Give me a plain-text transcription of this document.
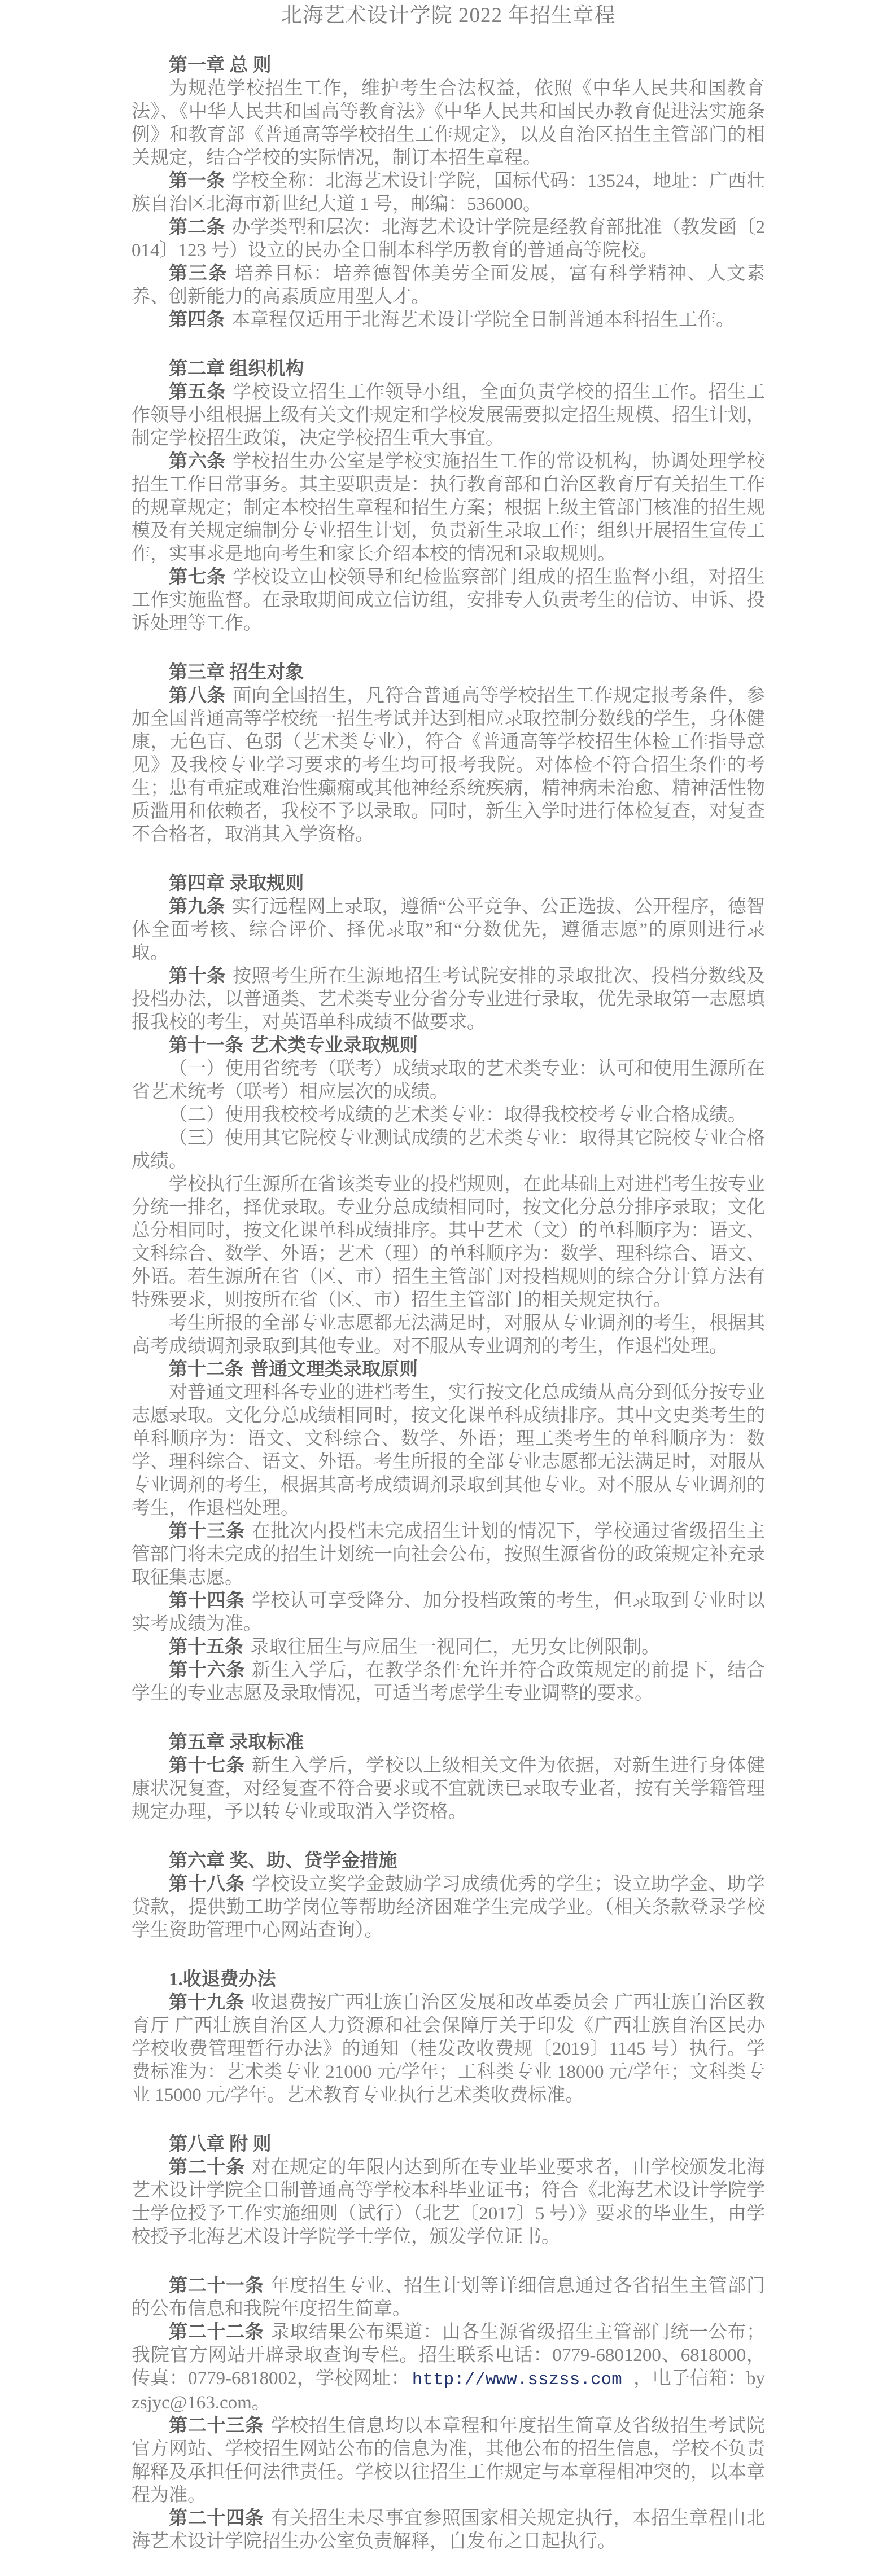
北海艺术设计学院 2022 年招生章程

第一章 总 则

为规范学校招生工作，维护考生合法权益，依照《中华人民共和国教育法》、《中华人民共和国高等教育法》《中华人民共和国民办教育促进法实施条例》和教育部《普通高等学校招生工作规定》，以及自治区招生主管部门的相关规定，结合学校的实际情况，制订本招生章程。

第一条 学校全称：北海艺术设计学院，国标代码：13524，地址：广西壮族自治区北海市新世纪大道 1 号，邮编：536000。

第二条 办学类型和层次：北海艺术设计学院是经教育部批准（教发函〔2014〕123 号）设立的民办全日制本科学历教育的普通高等院校。

第三条 培养目标：培养德智体美劳全面发展，富有科学精神、人文素养、创新能力的高素质应用型人才。

第四条 本章程仅适用于北海艺术设计学院全日制普通本科招生工作。

第二章 组织机构

第五条 学校设立招生工作领导小组，全面负责学校的招生工作。招生工作领导小组根据上级有关文件规定和学校发展需要拟定招生规模、招生计划，制定学校招生政策，决定学校招生重大事宜。

第六条 学校招生办公室是学校实施招生工作的常设机构，协调处理学校招生工作日常事务。其主要职责是：执行教育部和自治区教育厅有关招生工作的规章规定；制定本校招生章程和招生方案；根据上级主管部门核准的招生规模及有关规定编制分专业招生计划，负责新生录取工作；组织开展招生宣传工作，实事求是地向考生和家长介绍本校的情况和录取规则。

第七条 学校设立由校领导和纪检监察部门组成的招生监督小组，对招生工作实施监督。在录取期间成立信访组，安排专人负责考生的信访、申诉、投诉处理等工作。

第三章 招生对象

第八条 面向全国招生，凡符合普通高等学校招生工作规定报考条件，参加全国普通高等学校统一招生考试并达到相应录取控制分数线的学生，身体健康，无色盲、色弱（艺术类专业），符合《普通高等学校招生体检工作指导意见》及我校专业学习要求的考生均可报考我院。对体检不符合招生条件的考生；患有重症或难治性癫痫或其他神经系统疾病，精神病未治愈、精神活性物质滥用和依赖者，我校不予以录取。同时，新生入学时进行体检复查，对复查不合格者，取消其入学资格。

第四章 录取规则

第九条 实行远程网上录取，遵循“公平竞争、公正选拔、公开程序，德智体全面考核、综合评价、择优录取”和“分数优先，遵循志愿”的原则进行录取。

第十条 按照考生所在生源地招生考试院安排的录取批次、投档分数线及投档办法，以普通类、艺术类专业分省分专业进行录取，优先录取第一志愿填报我校的考生，对英语单科成绩不做要求。

第十一条 艺术类专业录取规则

（一）使用省统考（联考）成绩录取的艺术类专业：认可和使用生源所在省艺术统考（联考）相应层次的成绩。

（二）使用我校校考成绩的艺术类专业：取得我校校考专业合格成绩。

（三）使用其它院校专业测试成绩的艺术类专业：取得其它院校专业合格成绩。

学校执行生源所在省该类专业的投档规则，在此基础上对进档考生按专业分统一排名，择优录取。专业分总成绩相同时，按文化分总分排序录取；文化总分相同时，按文化课单科成绩排序。其中艺术（文）的单科顺序为：语文、文科综合、数学、外语；艺术（理）的单科顺序为：数学、理科综合、语文、外语。若生源所在省（区、市）招生主管部门对投档规则的综合分计算方法有特殊要求，则按所在省（区、市）招生主管部门的相关规定执行。

考生所报的全部专业志愿都无法满足时，对服从专业调剂的考生，根据其高考成绩调剂录取到其他专业。对不服从专业调剂的考生，作退档处理。

第十二条 普通文理类录取原则

对普通文理科各专业的进档考生，实行按文化总成绩从高分到低分按专业志愿录取。文化分总成绩相同时，按文化课单科成绩排序。其中文史类考生的单科顺序为：语文、文科综合、数学、外语；理工类考生的单科顺序为：数学、理科综合、语文、外语。考生所报的全部专业志愿都无法满足时，对服从专业调剂的考生，根据其高考成绩调剂录取到其他专业。对不服从专业调剂的考生，作退档处理。

第十三条 在批次内投档未完成招生计划的情况下，学校通过省级招生主管部门将未完成的招生计划统一向社会公布，按照生源省份的政策规定补充录取征集志愿。

第十四条 学校认可享受降分、加分投档政策的考生，但录取到专业时以实考成绩为准。

第十五条 录取往届生与应届生一视同仁，无男女比例限制。

第十六条 新生入学后，在教学条件允许并符合政策规定的前提下，结合学生的专业志愿及录取情况，可适当考虑学生专业调整的要求。

第五章 录取标准

第十七条 新生入学后，学校以上级相关文件为依据，对新生进行身体健康状况复查，对经复查不符合要求或不宜就读已录取专业者，按有关学籍管理规定办理，予以转专业或取消入学资格。

第六章 奖、助、贷学金措施

第十八条 学校设立奖学金鼓励学习成绩优秀的学生；设立助学金、助学贷款，提供勤工助学岗位等帮助经济困难学生完成学业。（相关条款登录学校学生资助管理中心网站查询）。

1.收退费办法

第十九条 收退费按广西壮族自治区发展和改革委员会 广西壮族自治区教育厅 广西壮族自治区人力资源和社会保障厅关于印发《广西壮族自治区民办学校收费管理暂行办法》的通知（桂发改收费规〔2019〕1145 号）执行。学费标准为：艺术类专业 21000 元/学年；工科类专业 18000 元/学年；文科类专业 15000 元/学年。艺术教育专业执行艺术类收费标准。

第八章 附 则

第二十条 对在规定的年限内达到所在专业毕业要求者，由学校颁发北海艺术设计学院全日制普通高等学校本科毕业证书；符合《北海艺术设计学院学士学位授予工作实施细则（试行）（北艺〔2017〕5 号）》要求的毕业生，由学校授予北海艺术设计学院学士学位，颁发学位证书。

第二十一条 年度招生专业、招生计划等详细信息通过各省招生主管部门的公布信息和我院年度招生简章。

第二十二条 录取结果公布渠道：由各生源省级招生主管部门统一公布；我院官方网站开辟录取查询专栏。招生联系电话：0779-6801200、6818000，传真：0779-6818002，学校网址： http://www.sszss.com ，电子信箱：byzsjyc@163.com。

第二十三条 学校招生信息均以本章程和年度招生简章及省级招生考试院官方网站、学校招生网站公布的信息为准，其他公布的招生信息，学校不负责解释及承担任何法律责任。学校以往招生工作规定与本章程相冲突的，以本章程为准。

第二十四条 有关招生未尽事宜参照国家相关规定执行，本招生章程由北海艺术设计学院招生办公室负责解释，自发布之日起执行。
